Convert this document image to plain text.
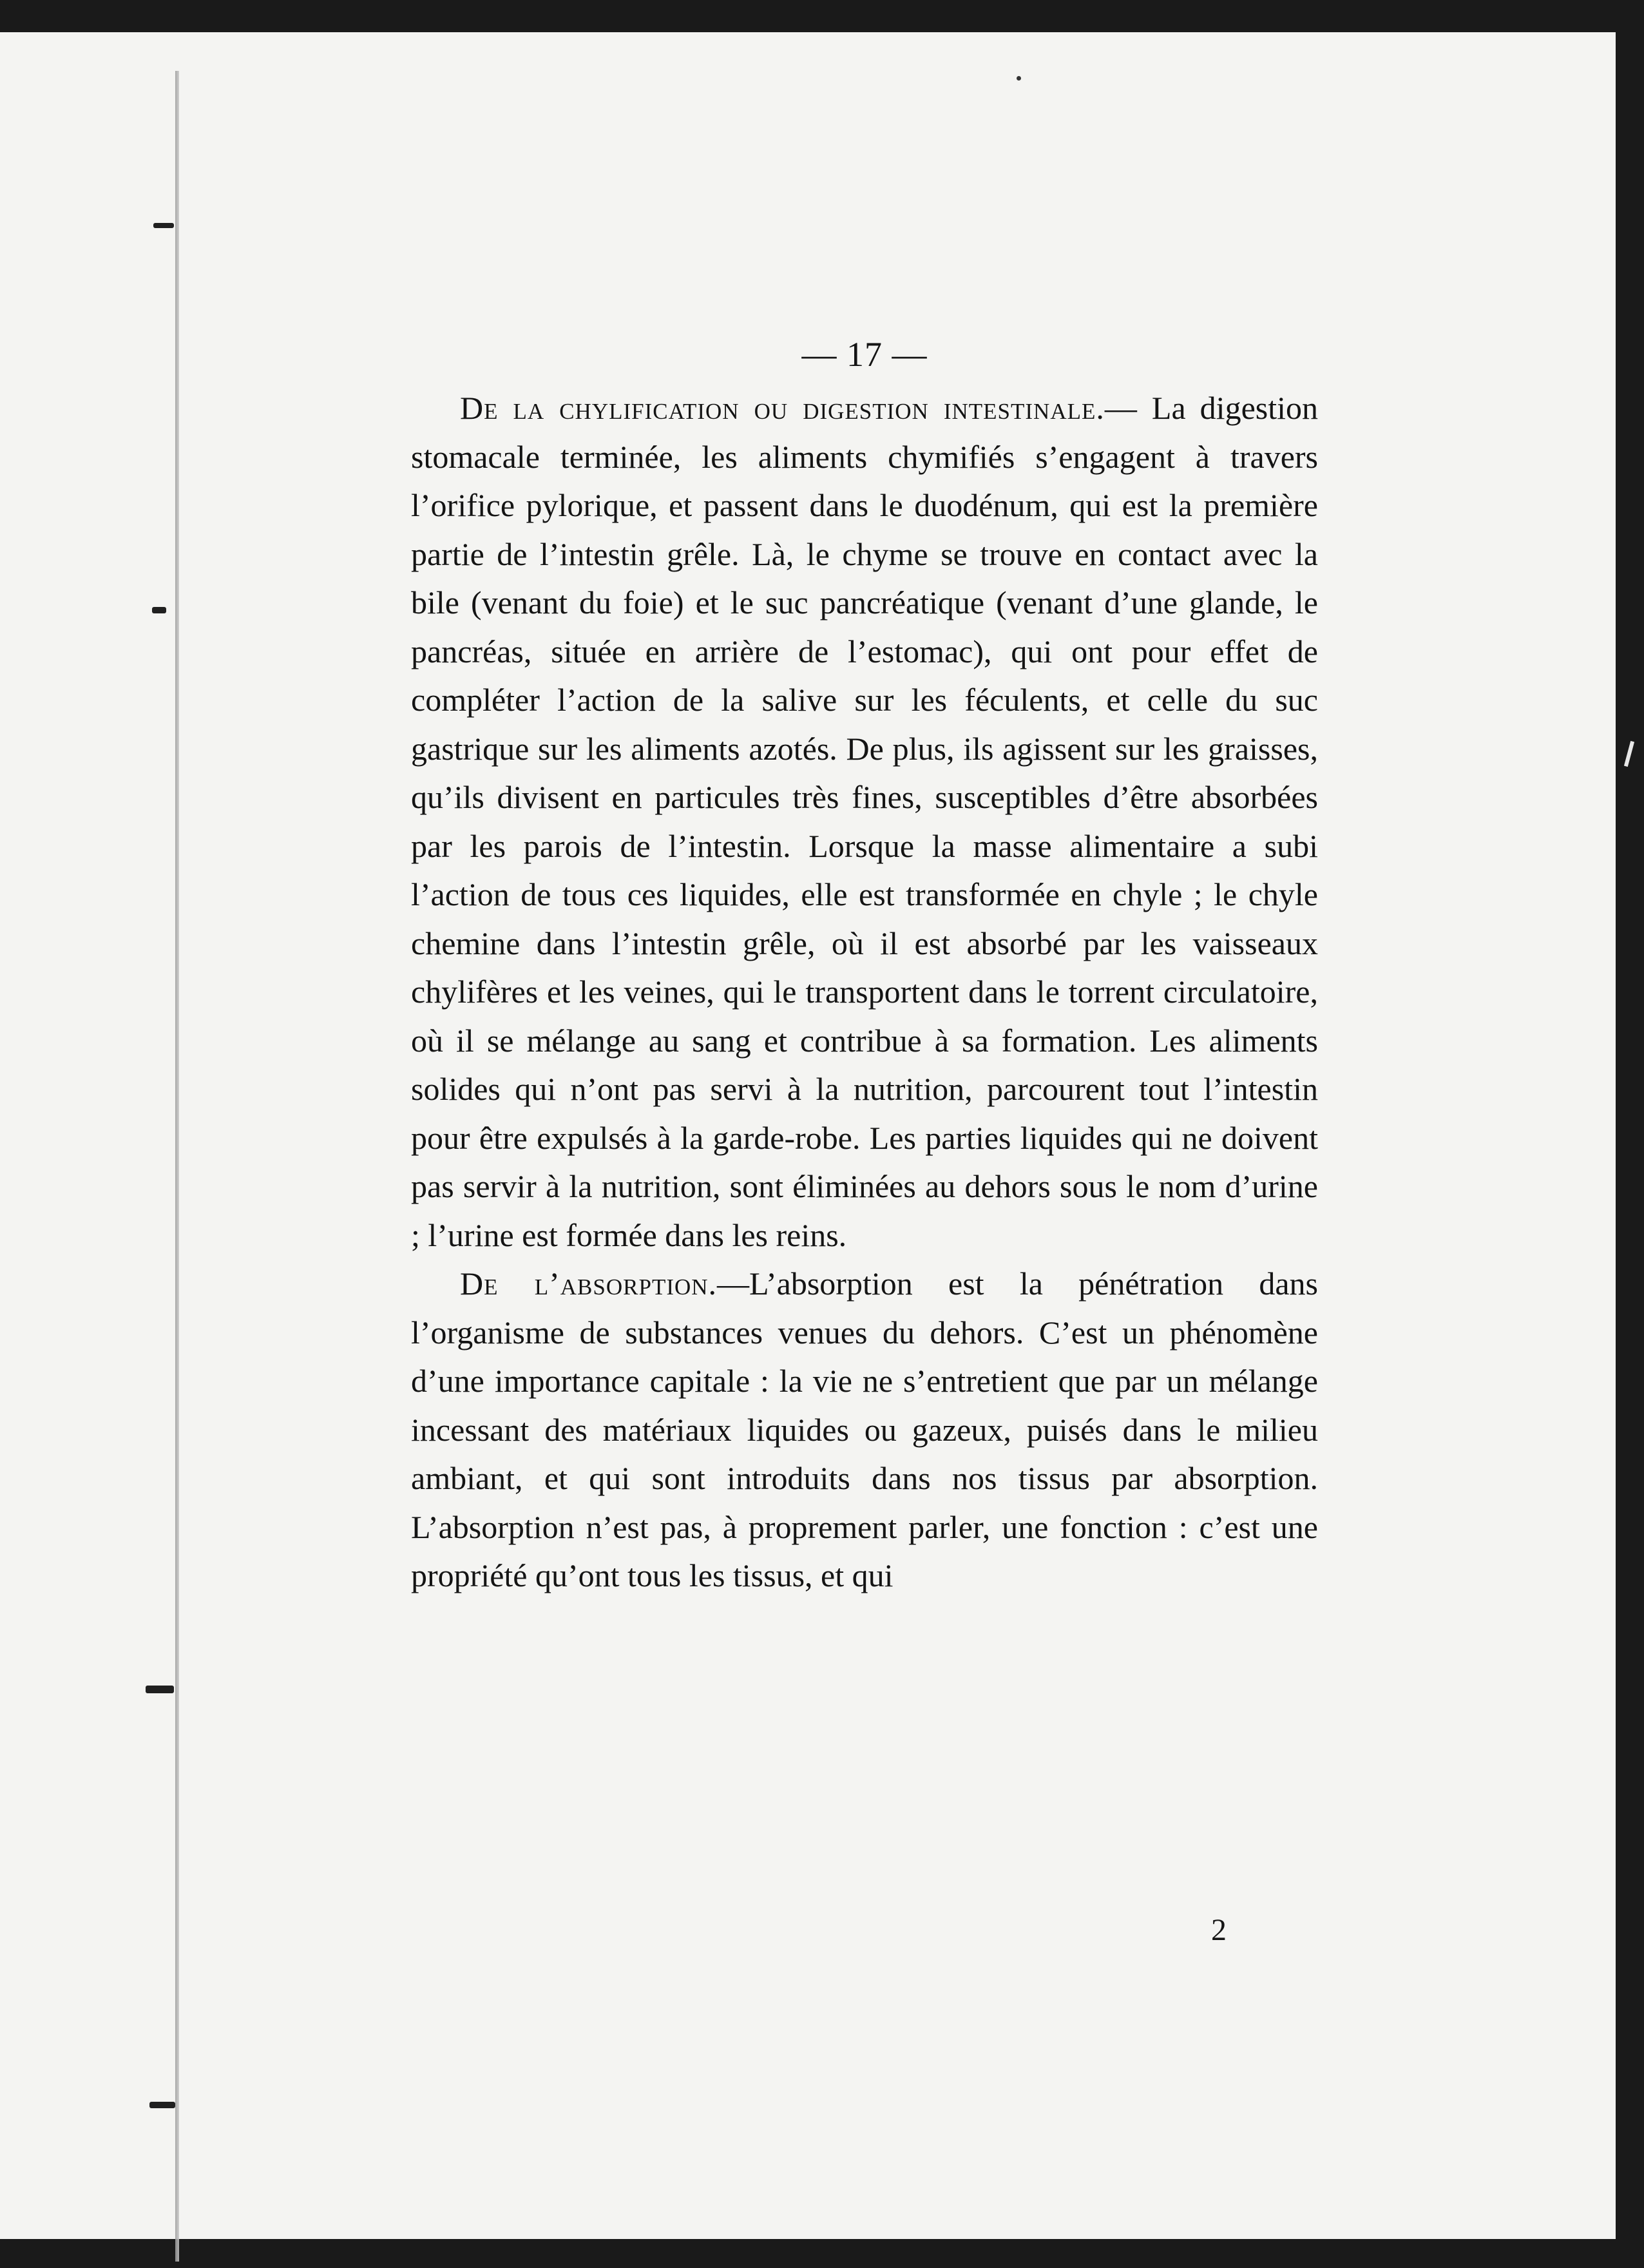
— 17 —

De la chylification ou digestion intestinale.— La digestion stomacale terminée, les aliments chymifiés s’engagent à travers l’orifice pylorique, et passent dans le duodénum, qui est la première partie de l’intestin grêle. Là, le chyme se trouve en contact avec la bile (venant du foie) et le suc pancréatique (venant d’une glande, le pancréas, située en arrière de l’estomac), qui ont pour effet de compléter l’action de la salive sur les féculents, et celle du suc gastrique sur les aliments azotés. De plus, ils agissent sur les graisses, qu’ils divisent en particules très fines, susceptibles d’être absorbées par les parois de l’intestin. Lorsque la masse alimentaire a subi l’action de tous ces liquides, elle est transformée en chyle ; le chyle chemine dans l’intestin grêle, où il est absorbé par les vaisseaux chylifères et les veines, qui le transportent dans le torrent circulatoire, où il se mélange au sang et contribue à sa formation. Les aliments solides qui n’ont pas servi à la nutrition, parcourent tout l’intestin pour être expulsés à la garde-robe. Les parties liquides qui ne doivent pas servir à la nutrition, sont éliminées au dehors sous le nom d’urine ; l’urine est formée dans les reins.

De l’absorption.—L’absorption est la pénétration dans l’organisme de substances venues du dehors. C’est un phénomène d’une importance capitale : la vie ne s’entretient que par un mélange incessant des matériaux liquides ou gazeux, puisés dans le milieu ambiant, et qui sont introduits dans nos tissus par absorption. L’absorption n’est pas, à proprement parler, une fonction : c’est une propriété qu’ont tous les tissus, et qui

2
